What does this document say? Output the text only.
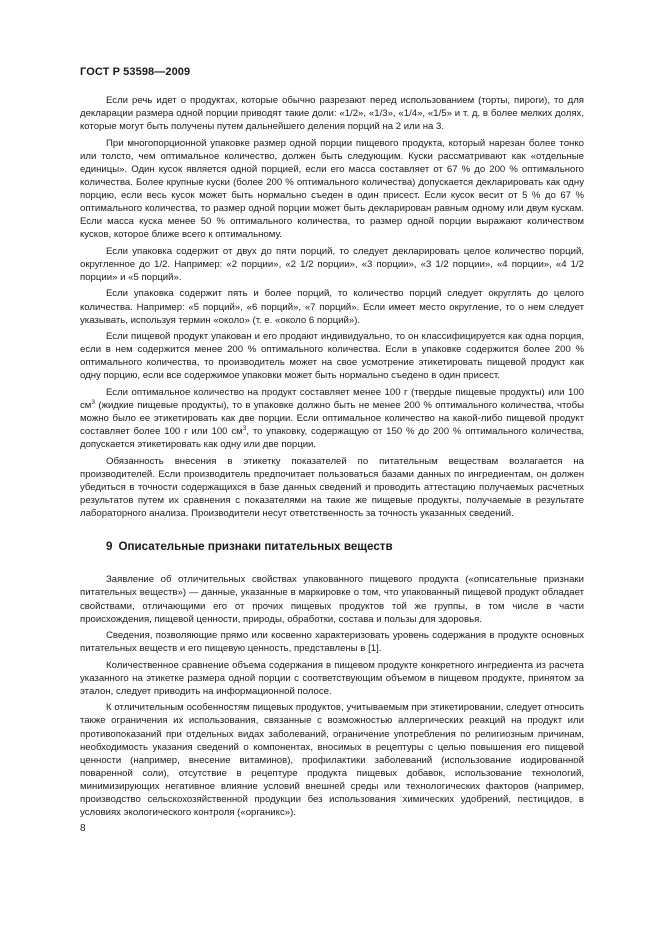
ГОСТ Р 53598—2009

Если речь идет о продуктах, которые обычно разрезают перед использованием (торты, пироги), то для декларации размера одной порции приводят такие доли: «1/2», «1/3», «1/4», «1/5» и т. д. в более мелких долях, которые могут быть получены путем дальнейшего деления порций на 2 или на 3.

При многопорционной упаковке размер одной порции пищевого продукта, который нарезан более тонко или толсто, чем оптимальное количество, должен быть следующим. Куски рассматривают как «отдельные единицы». Один кусок является одной порцией, если его масса составляет от 67 % до 200 % оптимального количества. Более крупные куски (более 200 % оптимального количества) допускается декларировать как одну порцию, если весь кусок может быть нормально съеден в один присест. Если кусок весит от 5 % до 67 % оптимального количества, то размер одной порции может быть декларирован равным одному или двум кускам. Если масса куска менее 50 % оптимального количества, то размер одной порции выражают количеством кусков, которое ближе всего к оптимальному.

Если упаковка содержит от двух до пяти порций, то следует декларировать целое количество порций, округленное до 1/2. Например: «2 порции», «2 1/2 порции», «3 порции», «3 1/2 порции», «4 порции», «4 1/2 порции» и «5 порций».

Если упаковка содержит пять и более порций, то количество порций следует округлять до целого количества. Например: «5 порций», «6 порций», «7 порций». Если имеет место округление, то о нем следует указывать, используя термин «около» (т. е. «около 6 порций»).

Если пищевой продукт упакован и его продают индивидуально, то он классифицируется как одна порция, если в нем содержится менее 200 % оптимального количества. Если в упаковке содержится более 200 % оптимального количества, то производитель может на свое усмотрение этикетировать пищевой продукт как одну порцию, если все содержимое упаковки может быть нормально съедено в один присест.

Если оптимальное количество на продукт составляет менее 100 г (твердые пищевые продукты) или 100 $см^3$ (жидкие пищевые продукты), то в упаковке должно быть не менее 200 % оптимального количества, чтобы можно было ее этикетировать как две порции. Если оптимальное количество на какой-либо пищевой продукт составляет более 100 г или 100 $см^3$, то упаковку, содержащую от 150 % до 200 % оптимального количества, допускается этикетировать как одну или две порции.

Обязанность внесения в этикетку показателей по питательным веществам возлагается на производителей. Если производитель предпочитает пользоваться базами данных по ингредиентам, он должен убедиться в точности содержащихся в базе данных сведений и проводить аттестацию получаемых расчетных результатов путем их сравнения с показателями на такие же пищевые продукты, получаемые в результате лабораторного анализа. Производители несут ответственность за точность указанных сведений.

9 Описательные признаки питательных веществ

Заявление об отличительных свойствах упакованного пищевого продукта («описательные признаки питательных веществ») — данные, указанные в маркировке о том, что упакованный пищевой продукт обладает свойствами, отличающими его от прочих пищевых продуктов той же группы, в том числе в части происхождения, пищевой ценности, природы, обработки, состава и пользы для здоровья.

Сведения, позволяющие прямо или косвенно характеризовать уровень содержания в продукте основных питательных веществ и его пищевую ценность, представлены в [1].

Количественное сравнение объема содержания в пищевом продукте конкретного ингредиента из расчета указанного на этикетке размера одной порции с соответствующим объемом в пищевом продукте, принятом за эталон, следует приводить на информационной полосе.

К отличительным особенностям пищевых продуктов, учитываемым при этикетировании, следует относить также ограничения их использования, связанные с возможностью аллергических реакций на продукт или противопоказаний при отдельных видах заболеваний, ограничение употребления по религиозным причинам, необходимость указания сведений о компонентах, вносимых в рецептуры с целью повышения его пищевой ценности (например, внесение витаминов), профилактики заболеваний (использование иодированной поваренной соли), отсутствие в рецептуре продукта пищевых добавок, использование технологий, минимизирующих негативное влияние условий внешней среды или технологических факторов (например, производство сельскохозяйственной продукции без использования химических удобрений, пестицидов, в условиях экологического контроля («органикс»).

8
